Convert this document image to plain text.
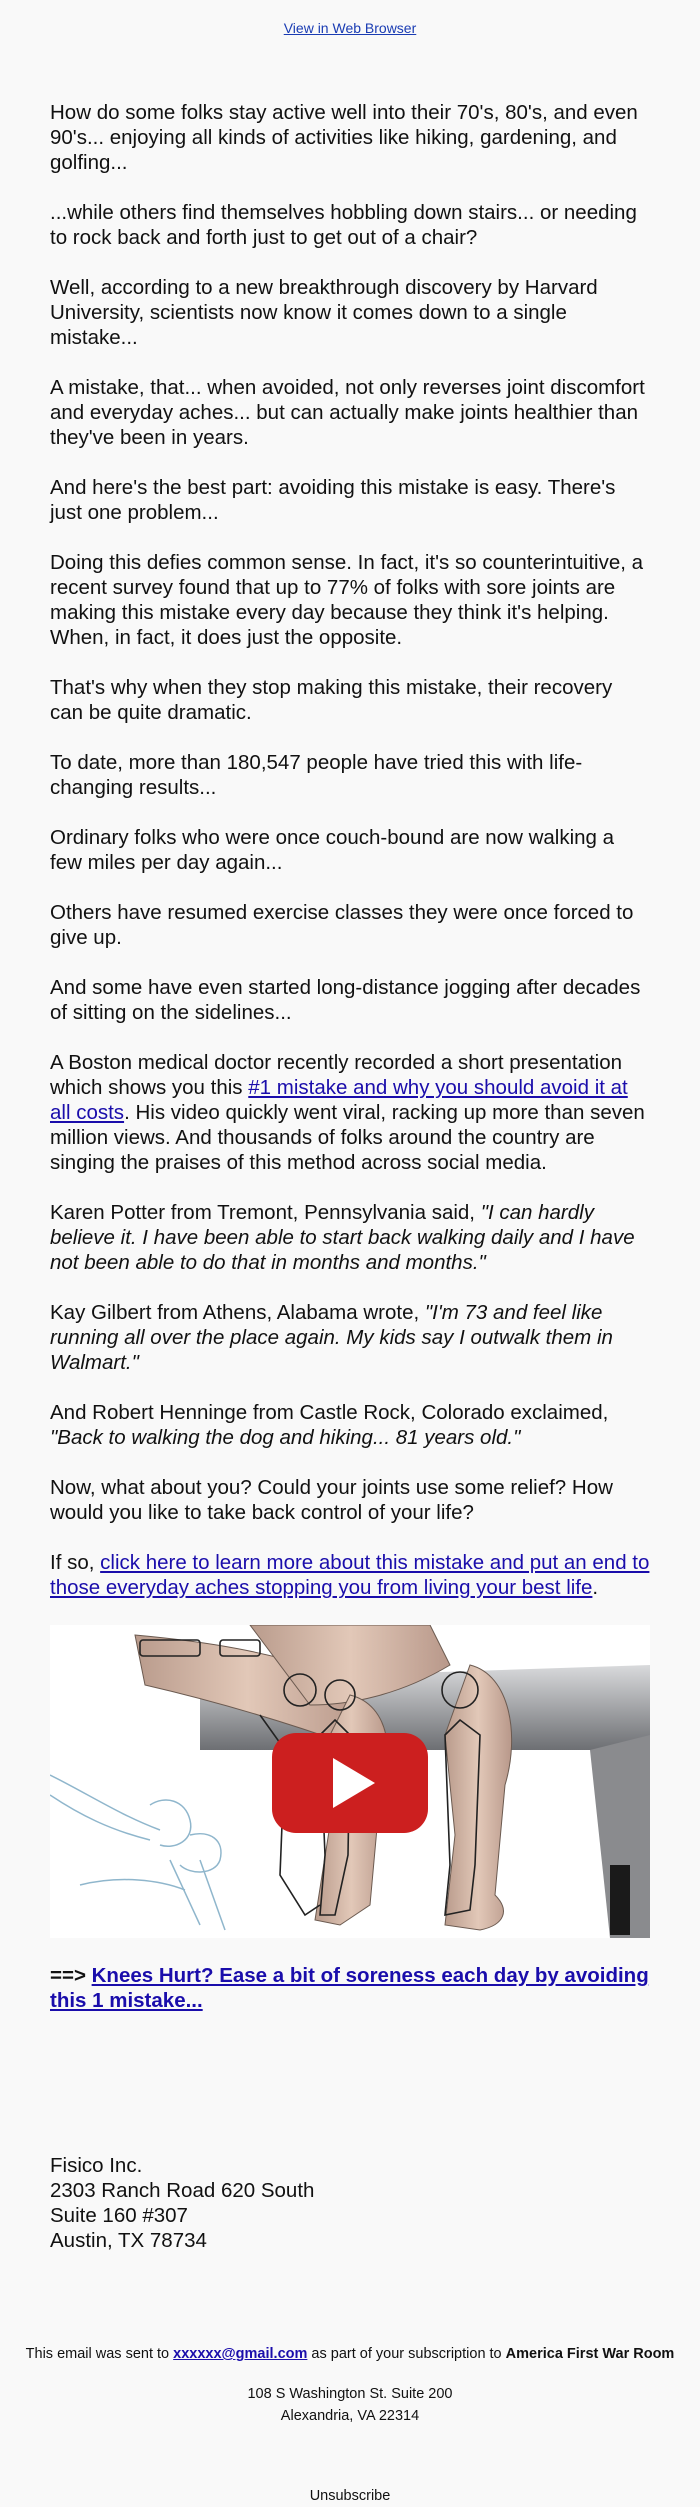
View in Web Browser

How do some folks stay active well into their 70's, 80's, and even 90's... enjoying all kinds of activities like hiking, gardening, and golfing...

...while others find themselves hobbling down stairs... or needing to rock back and forth just to get out of a chair?

Well, according to a new breakthrough discovery by Harvard University, scientists now know it comes down to a single mistake...

A mistake, that... when avoided, not only reverses joint discomfort and everyday aches... but can actually make joints healthier than they've been in years.

And here's the best part: avoiding this mistake is easy. There's just one problem...

Doing this defies common sense. In fact, it's so counterintuitive, a recent survey found that up to 77% of folks with sore joints are making this mistake every day because they think it's helping. When, in fact, it does just the opposite.

That's why when they stop making this mistake, their recovery can be quite dramatic.

To date, more than 180,547 people have tried this with life-changing results...

Ordinary folks who were once couch-bound are now walking a few miles per day again...

Others have resumed exercise classes they were once forced to give up.

And some have even started long-distance jogging after decades of sitting on the sidelines...

A Boston medical doctor recently recorded a short presentation which shows you this #1 mistake and why you should avoid it at all costs. His video quickly went viral, racking up more than seven million views. And thousands of folks around the country are singing the praises of this method across social media.

Karen Potter from Tremont, Pennsylvania said, "I can hardly believe it. I have been able to start back walking daily and I have not been able to do that in months and months."

Kay Gilbert from Athens, Alabama wrote, "I'm 73 and feel like running all over the place again. My kids say I outwalk them in Walmart."

And Robert Henninge from Castle Rock, Colorado exclaimed, "Back to walking the dog and hiking... 81 years old."

Now, what about you? Could your joints use some relief? How would you like to take back control of your life?

If so, click here to learn more about this mistake and put an end to those everyday aches stopping you from living your best life.

==> Knees Hurt? Ease a bit of soreness each day by avoiding this 1 mistake...

Fisico Inc.
2303 Ranch Road 620 South
Suite 160 #307
Austin, TX 78734
This email was sent to xxxxxx@gmail.com as part of your subscription to America First War Room
108 S Washington St. Suite 200
Alexandria, VA 22314
Unsubscribe
